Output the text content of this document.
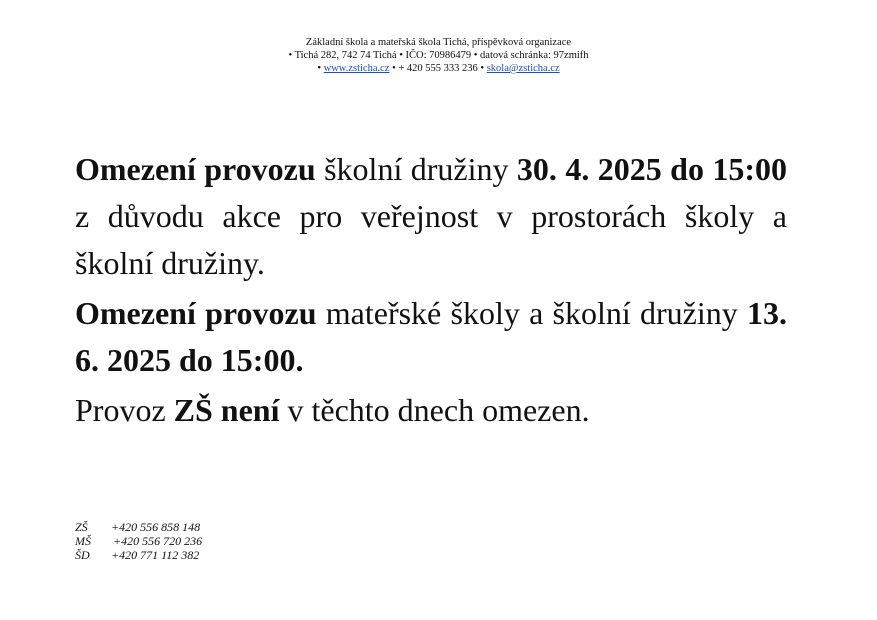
Základní škola a mateřská škola Tichá, příspěvková organizace
• Tichá 282, 742 74 Tichá • IČO: 70986479 • datová schránka: 97zmifh
• www.zsticha.cz • + 420 555 333 236 • skola@zsticha.cz

Omezení provozu školní družiny 30. 4. 2025 do 15:00 z důvodu akce pro veřejnost v prostorách školy a školní družiny.

Omezení provozu mateřské školy a školní družiny 13. 6. 2025 do 15:00.

Provoz ZŠ není v těchto dnech omezen.

ZŠ +420 556 858 148
MŠ +420 556 720 236
ŠD +420 771 112 382
